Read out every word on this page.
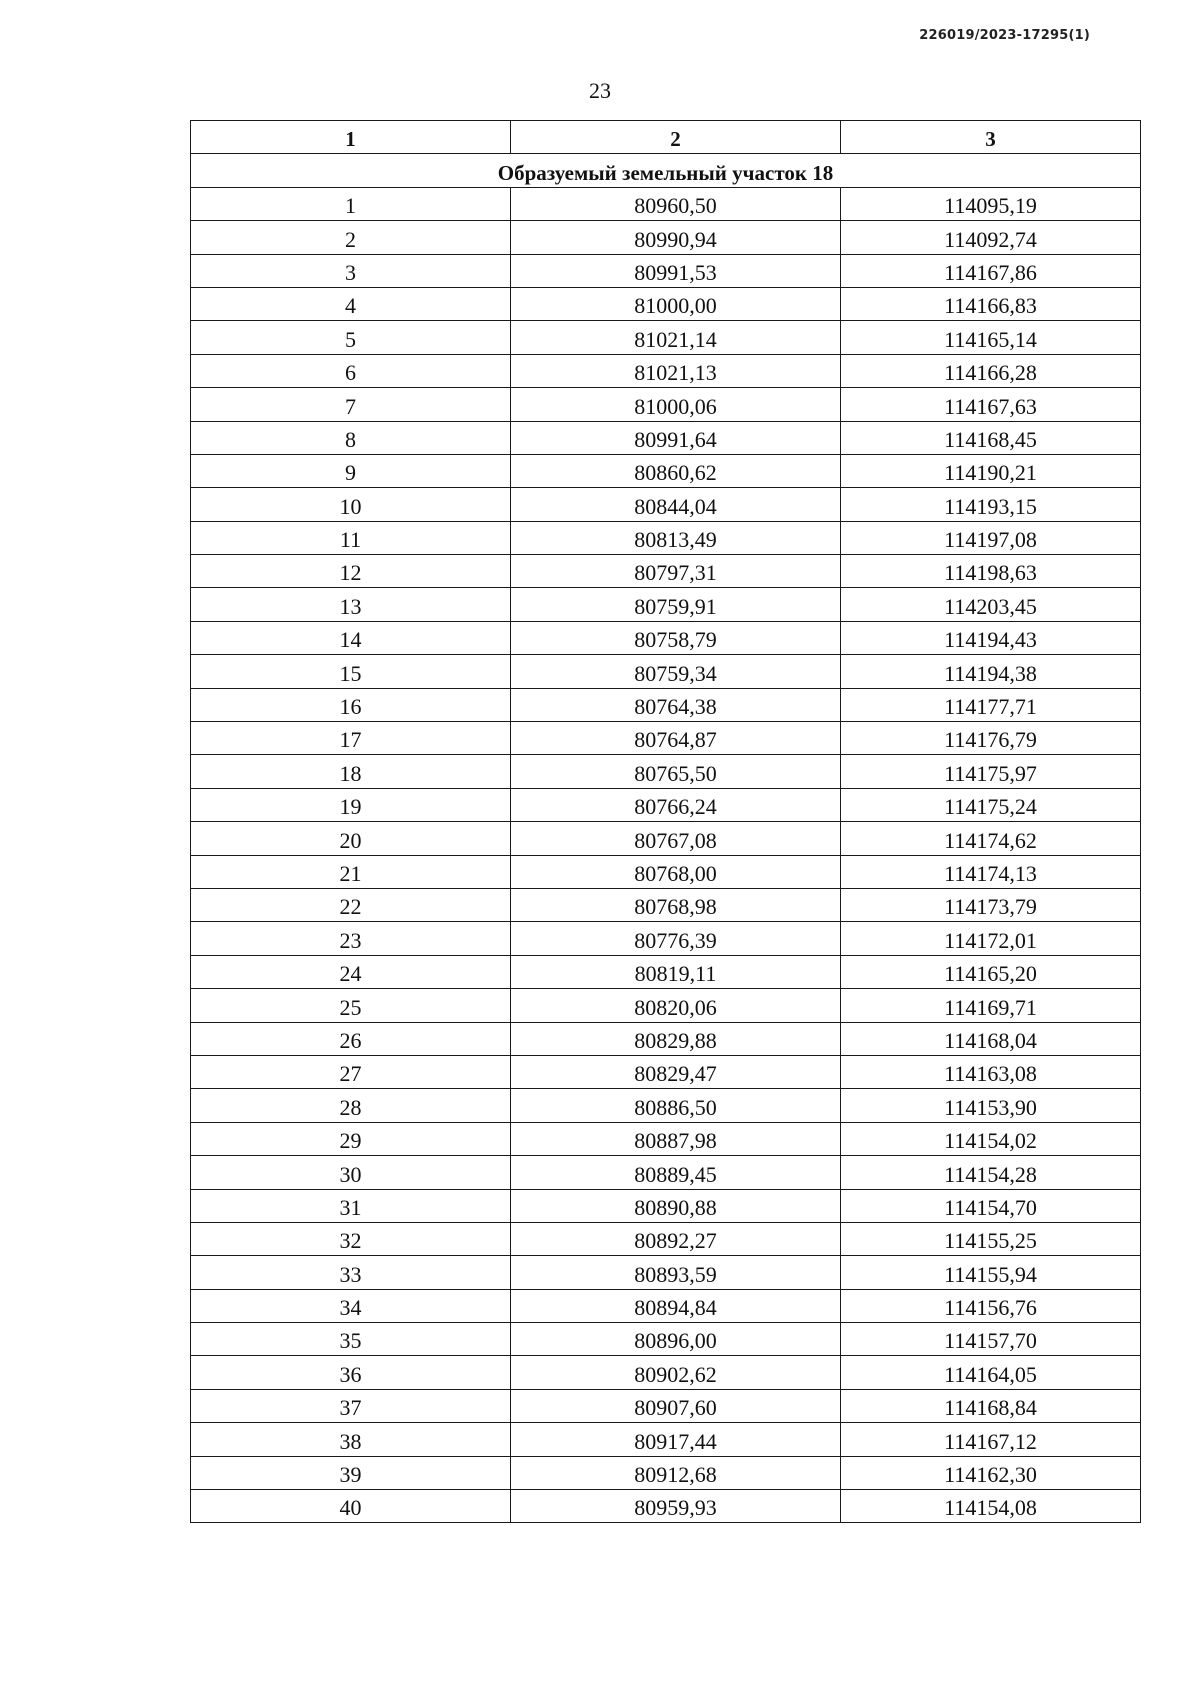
226019/2023-17295(1)
23
1	2	3
Образуемый земельный участок 18		
1	80960,50	114095,19
2	80990,94	114092,74
3	80991,53	114167,86
4	81000,00	114166,83
5	81021,14	114165,14
6	81021,13	114166,28
7	81000,06	114167,63
8	80991,64	114168,45
9	80860,62	114190,21
10	80844,04	114193,15
11	80813,49	114197,08
12	80797,31	114198,63
13	80759,91	114203,45
14	80758,79	114194,43
15	80759,34	114194,38
16	80764,38	114177,71
17	80764,87	114176,79
18	80765,50	114175,97
19	80766,24	114175,24
20	80767,08	114174,62
21	80768,00	114174,13
22	80768,98	114173,79
23	80776,39	114172,01
24	80819,11	114165,20
25	80820,06	114169,71
26	80829,88	114168,04
27	80829,47	114163,08
28	80886,50	114153,90
29	80887,98	114154,02
30	80889,45	114154,28
31	80890,88	114154,70
32	80892,27	114155,25
33	80893,59	114155,94
34	80894,84	114156,76
35	80896,00	114157,70
36	80902,62	114164,05
37	80907,60	114168,84
38	80917,44	114167,12
39	80912,68	114162,30
40	80959,93	114154,08
